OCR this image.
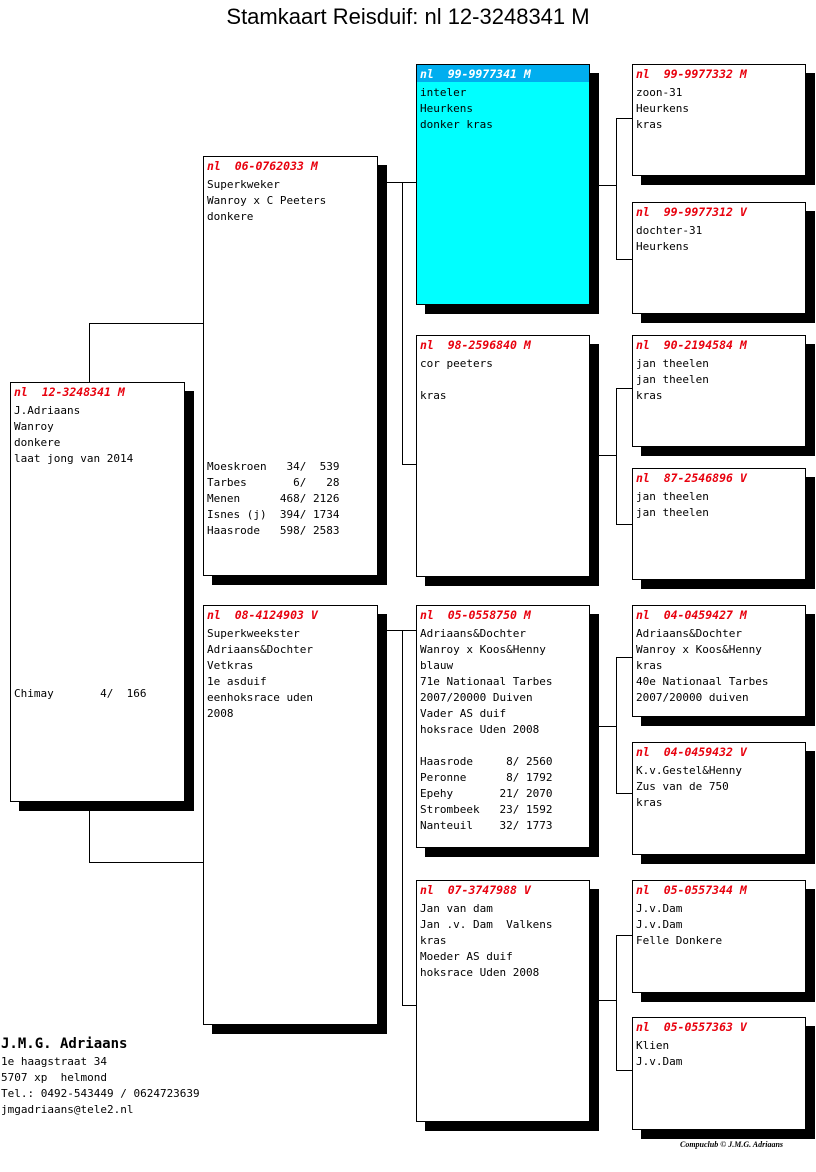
Stamkaart Reisduif: nl 12-3248341 M
nl  12-3248341 M
J.Adriaans
Wanroy
donkere
laat jong van 2014
Chimay       4/  166
nl  06-0762033 M
Superkweker
Wanroy x C Peeters
donkere
Moeskroen   34/  539
Tarbes       6/   28
Menen      468/ 2126
Isnes (j)  394/ 1734
Haasrode   598/ 2583
nl  08-4124903 V
Superkweekster
Adriaans&Dochter
Vetkras
1e asduif
eenhoksrace uden
2008
nl  99-9977341 M
inteler
Heurkens
donker kras
nl  98-2596840 M
cor peeters
kras
nl  05-0558750 M
Adriaans&Dochter
Wanroy x Koos&Henny
blauw
71e Nationaal Tarbes
2007/20000 Duiven
Vader AS duif
hoksrace Uden 2008
Haasrode     8/ 2560
Peronne      8/ 1792
Epehy       21/ 2070
Strombeek   23/ 1592
Nanteuil    32/ 1773
nl  07-3747988 V
Jan van dam
Jan .v. Dam  Valkens
kras
Moeder AS duif
hoksrace Uden 2008
nl  99-9977332 M
zoon-31
Heurkens
kras
nl  99-9977312 V
dochter-31
Heurkens
nl  90-2194584 M
jan theelen
jan theelen
kras
nl  87-2546896 V
jan theelen
jan theelen
nl  04-0459427 M
Adriaans&Dochter
Wanroy x Koos&Henny
kras
40e Nationaal Tarbes
2007/20000 duiven
nl  04-0459432 V
K.v.Gestel&Henny
Zus van de 750
kras
nl  05-0557344 M
J.v.Dam
J.v.Dam
Felle Donkere
nl  05-0557363 V
Klien
J.v.Dam
J.M.G. Adriaans
1e haagstraat 34
5707 xp  helmond
Tel.: 0492-543449 / 0624723639
jmgadriaans@tele2.nl
Compuclub © J.M.G. Adriaans
